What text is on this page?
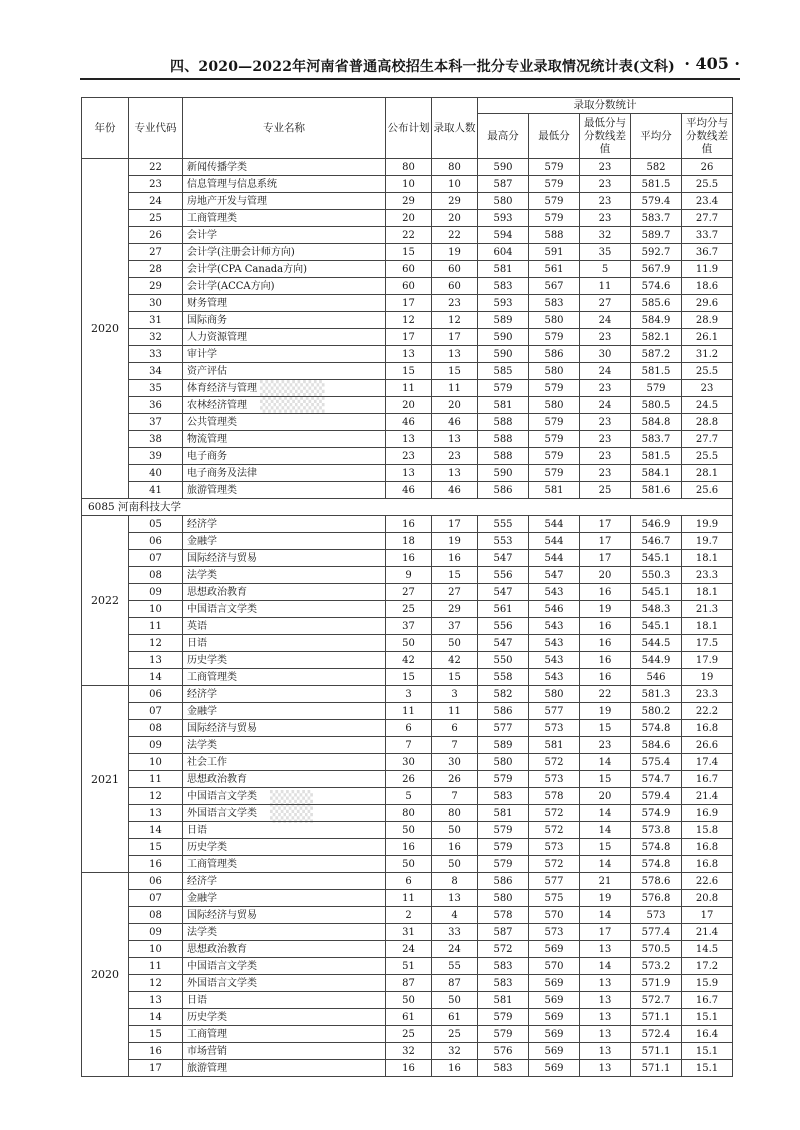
四、2020—2022年河南省普通高校招生本科一批分专业录取情况统计表(文科) · 405 ·
年份	专业代码	专业名称	公布计划	录取人数	录取分数统计				
					最高分	最低分	最低分与分数线差值	平均分	平均分与分数线差值
2020	22	新闻传播学类	80	80	590	579	23	582	26
	23	信息管理与信息系统	10	10	587	579	23	581.5	25.5
	24	房地产开发与管理	29	29	580	579	23	579.4	23.4
	25	工商管理类	20	20	593	579	23	583.7	27.7
	26	会计学	22	22	594	588	32	589.7	33.7
	27	会计学(注册会计师方向)	15	19	604	591	35	592.7	36.7
	28	会计学(CPA Canada方向)	60	60	581	561	5	567.9	11.9
	29	会计学(ACCA方向)	60	60	583	567	11	574.6	18.6
	30	财务管理	17	23	593	583	27	585.6	29.6
	31	国际商务	12	12	589	580	24	584.9	28.9
	32	人力资源管理	17	17	590	579	23	582.1	26.1
	33	审计学	13	13	590	586	30	587.2	31.2
	34	资产评估	15	15	585	580	24	581.5	25.5
	35	体育经济与管理	11	11	579	579	23	579	23
	36	农林经济管理	20	20	581	580	24	580.5	24.5
	37	公共管理类	46	46	588	579	23	584.8	28.8
	38	物流管理	13	13	588	579	23	583.7	27.7
	39	电子商务	23	23	588	579	23	581.5	25.5
	40	电子商务及法律	13	13	590	579	23	584.1	28.1
	41	旅游管理类	46	46	586	581	25	581.6	25.6
6085 河南科技大学									
2022	05	经济学	16	17	555	544	17	546.9	19.9
	06	金融学	18	19	553	544	17	546.7	19.7
	07	国际经济与贸易	16	16	547	544	17	545.1	18.1
	08	法学类	9	15	556	547	20	550.3	23.3
	09	思想政治教育	27	27	547	543	16	545.1	18.1
	10	中国语言文学类	25	29	561	546	19	548.3	21.3
	11	英语	37	37	556	543	16	545.1	18.1
	12	日语	50	50	547	543	16	544.5	17.5
	13	历史学类	42	42	550	543	16	544.9	17.9
	14	工商管理类	15	15	558	543	16	546	19
2021	06	经济学	3	3	582	580	22	581.3	23.3
	07	金融学	11	11	586	577	19	580.2	22.2
	08	国际经济与贸易	6	6	577	573	15	574.8	16.8
	09	法学类	7	7	589	581	23	584.6	26.6
	10	社会工作	30	30	580	572	14	575.4	17.4
	11	思想政治教育	26	26	579	573	15	574.7	16.7
	12	中国语言文学类	5	7	583	578	20	579.4	21.4
	13	外国语言文学类	80	80	581	572	14	574.9	16.9
	14	日语	50	50	579	572	14	573.8	15.8
	15	历史学类	16	16	579	573	15	574.8	16.8
	16	工商管理类	50	50	579	572	14	574.8	16.8
2020	06	经济学	6	8	586	577	21	578.6	22.6
	07	金融学	11	13	580	575	19	576.8	20.8
	08	国际经济与贸易	2	4	578	570	14	573	17
	09	法学类	31	33	587	573	17	577.4	21.4
	10	思想政治教育	24	24	572	569	13	570.5	14.5
	11	中国语言文学类	51	55	583	570	14	573.2	17.2
	12	外国语言文学类	87	87	583	569	13	571.9	15.9
	13	日语	50	50	581	569	13	572.7	16.7
	14	历史学类	61	61	579	569	13	571.1	15.1
	15	工商管理	25	25	579	569	13	572.4	16.4
	16	市场营销	32	32	576	569	13	571.1	15.1
	17	旅游管理	16	16	583	569	13	571.1	15.1
▒▒▒
▒▒
